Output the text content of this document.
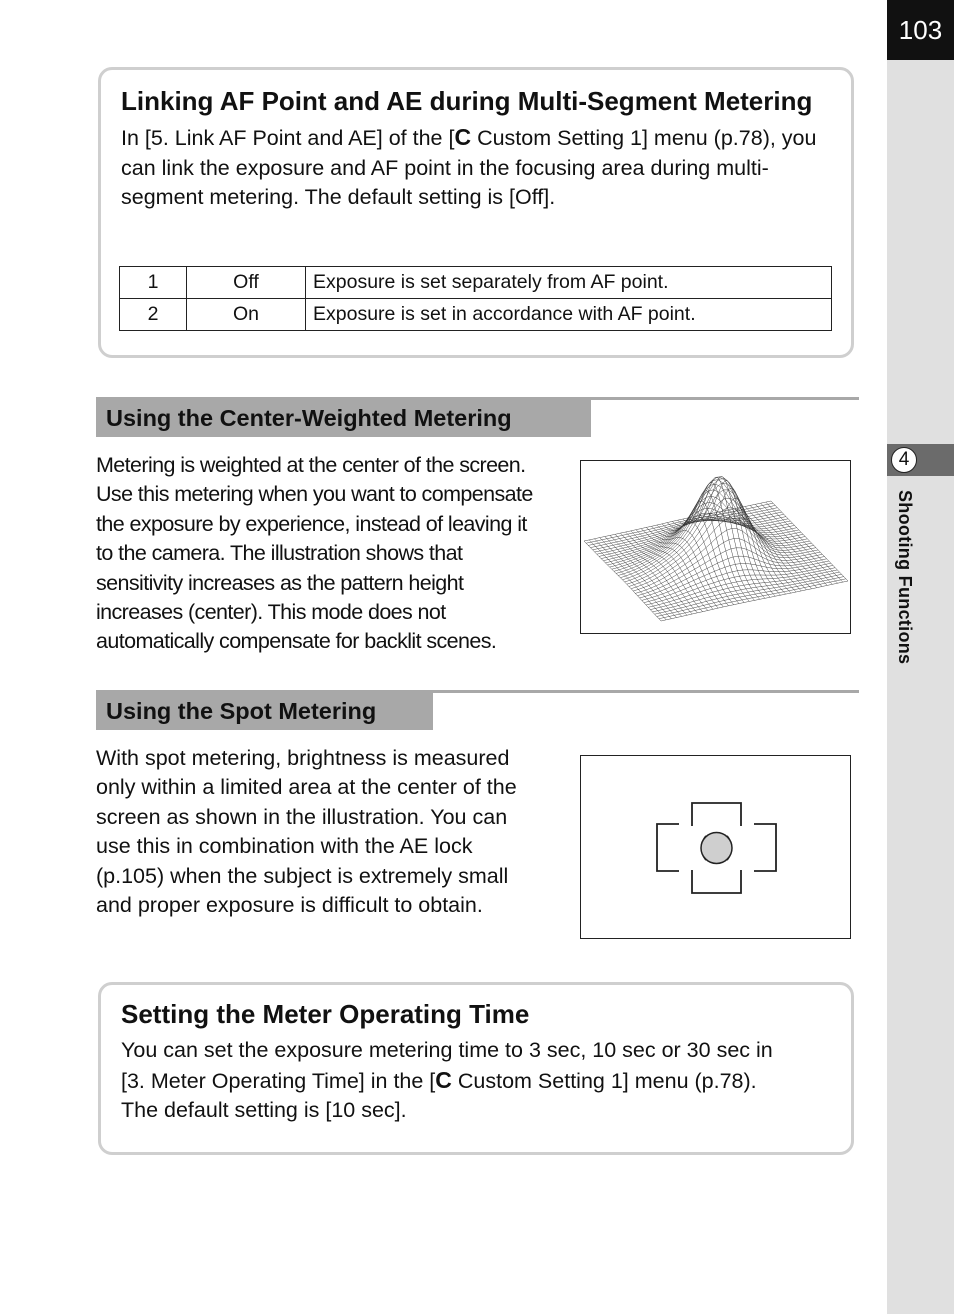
103
4
Shooting Functions
Linking AF Point and AE during Multi-Segment Metering

In [5. Link AF Point and AE] of the [C Custom Setting 1] menu (p.78), you can link the exposure and AF point in the focusing area during multi-segment metering. The default setting is [Off].

1	Off	Exposure is set separately from AF point.
2	On	Exposure is set in accordance with AF point.
Using the Center-Weighted Metering
Metering is weighted at the center of the screen.
Use this metering when you want to compensate
the exposure by experience, instead of leaving it
to the camera. The illustration shows that
sensitivity increases as the pattern height
increases (center). This mode does not
automatically compensate for backlit scenes.
Using the Spot Metering
With spot metering, brightness is measured
only within a limited area at the center of the
screen as shown in the illustration. You can
use this in combination with the AE lock
(p.105) when the subject is extremely small
and proper exposure is difficult to obtain.
Setting the Meter Operating Time

You can set the exposure metering time to 3 sec, 10 sec or 30 sec in
[3. Meter Operating Time] in the [C Custom Setting 1] menu (p.78).
The default setting is [10 sec].
